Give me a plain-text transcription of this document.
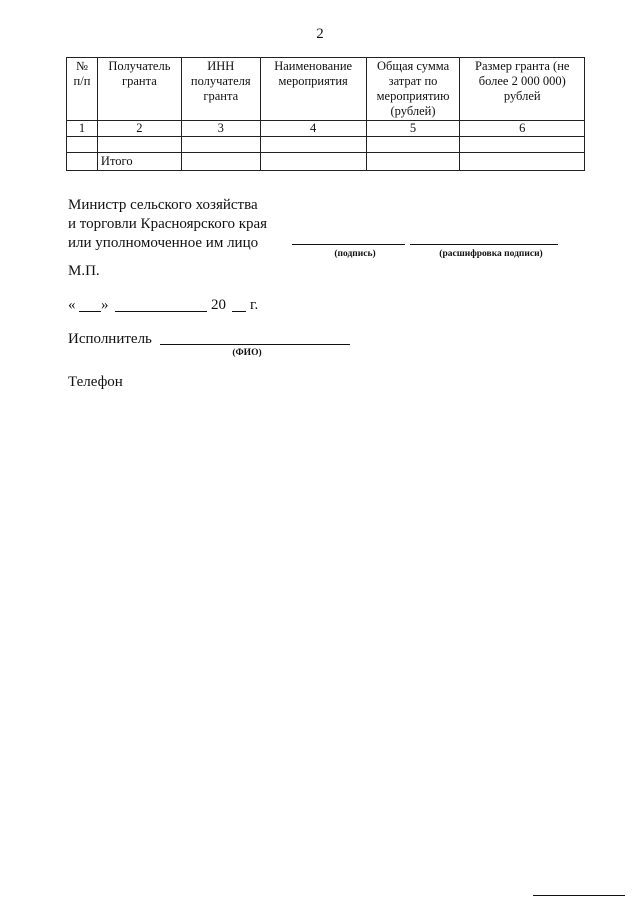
2
№ п/п	Получатель гранта	ИНН получателя гранта	Наименование мероприятия	Общая сумма затрат по мероприятию (рублей)	Размер гранта (не более 2 000 000) рублей
1	2	3	4	5	6

	Итого				
Министр сельского хозяйства
и торговли Красноярского края
или уполномоченное им лицо
(подпись)	(расшифровка подписи)
М.П.
« »	20 г.
Исполнитель
(ФИО)
Телефон
